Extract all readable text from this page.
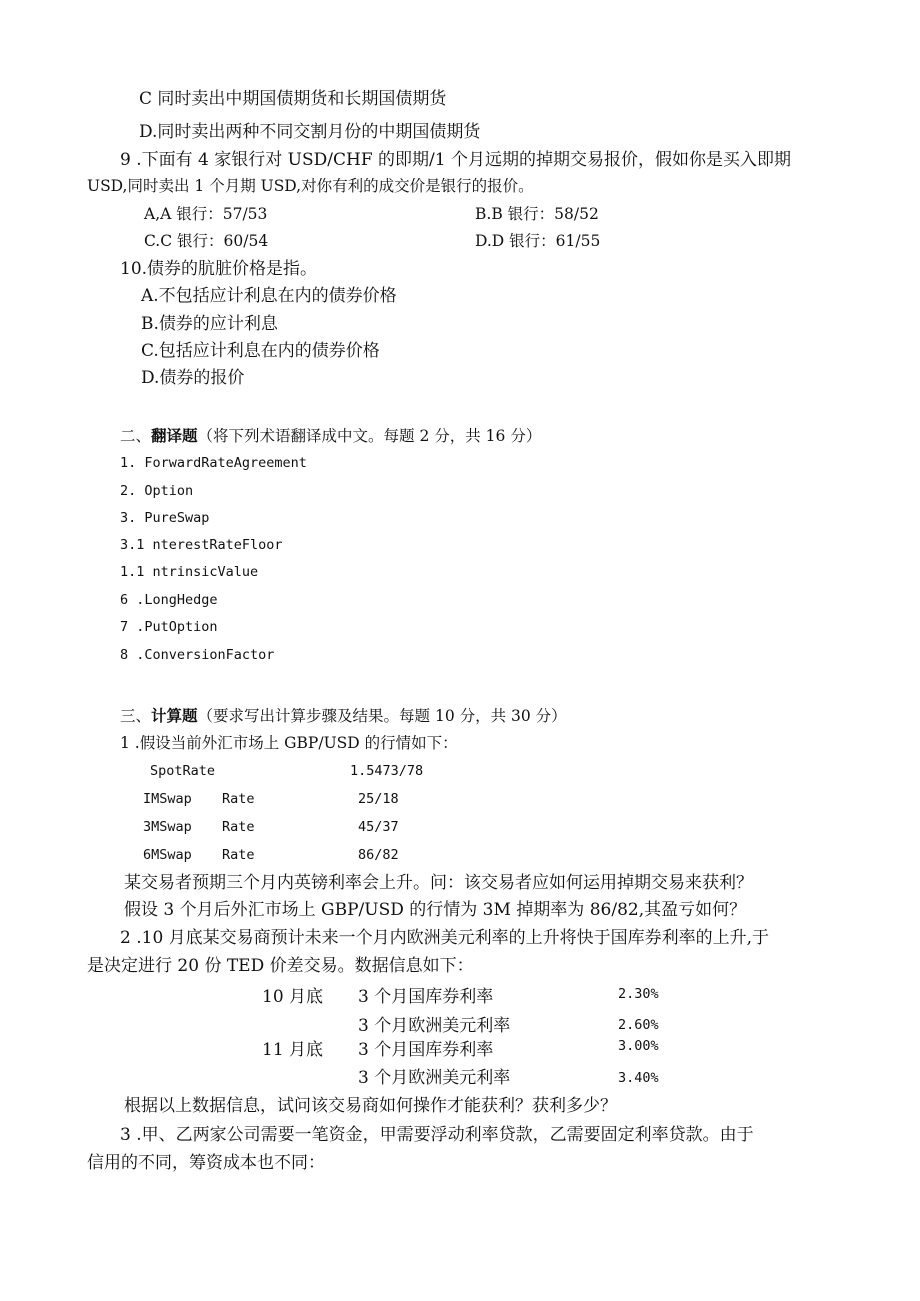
C 同时卖出中期国债期货和长期国债期货
D.同时卖出两种不同交割月份的中期国债期货
9 .下面有 4 家银行对 USD/CHF 的即期/1 个月远期的掉期交易报价，假如你是买入即期
USD,同时卖出 1 个月期 USD,对你有利的成交价是银行的报价。
A,A 银行：57/53	B.B 银行：58/52
C.C 银行：60/54	D.D 银行：61/55
10.债券的肮脏价格是指。
A.不包括应计利息在内的债券价格
B.债券的应计利息
C.包括应计利息在内的债券价格
D.债券的报价
二、翻译题（将下列术语翻译成中文。每题 2 分，共 16 分）
1. ForwardRateAgreement
2. Option
3. PureSwap
3.1 nterestRateFloor
1.1 ntrinsicValue
6 .LongHedge
7 .PutOption
8 .ConversionFactor
三、计算题（要求写出计算步骤及结果。每题 10 分，共 30 分）
1 .假设当前外汇市场上 GBP/USD 的行情如下：
SpotRate	1.5473/78
IMSwap Rate	25/18
3MSwap Rate	45/37
6MSwap Rate	86/82
某交易者预期三个月内英镑利率会上升。问：该交易者应如何运用掉期交易来获利？
假设 3 个月后外汇市场上 GBP/USD 的行情为 3M 掉期率为 86/82,其盈亏如何？
2 .10 月底某交易商预计未来一个月内欧洲美元利率的上升将快于国库券利率的上升,于
是决定进行 20 份 TED 价差交易。数据信息如下：
10 月底 3 个月国库券利率	2.30%
3 个月欧洲美元利率	2.60%
11 月底 3 个月国库券利率	3.00%
3 个月欧洲美元利率	3.40%
根据以上数据信息，试问该交易商如何操作才能获利？获利多少？
3 .甲、乙两家公司需要一笔资金，甲需要浮动利率贷款，乙需要固定利率贷款。由于
信用的不同，筹资成本也不同：
